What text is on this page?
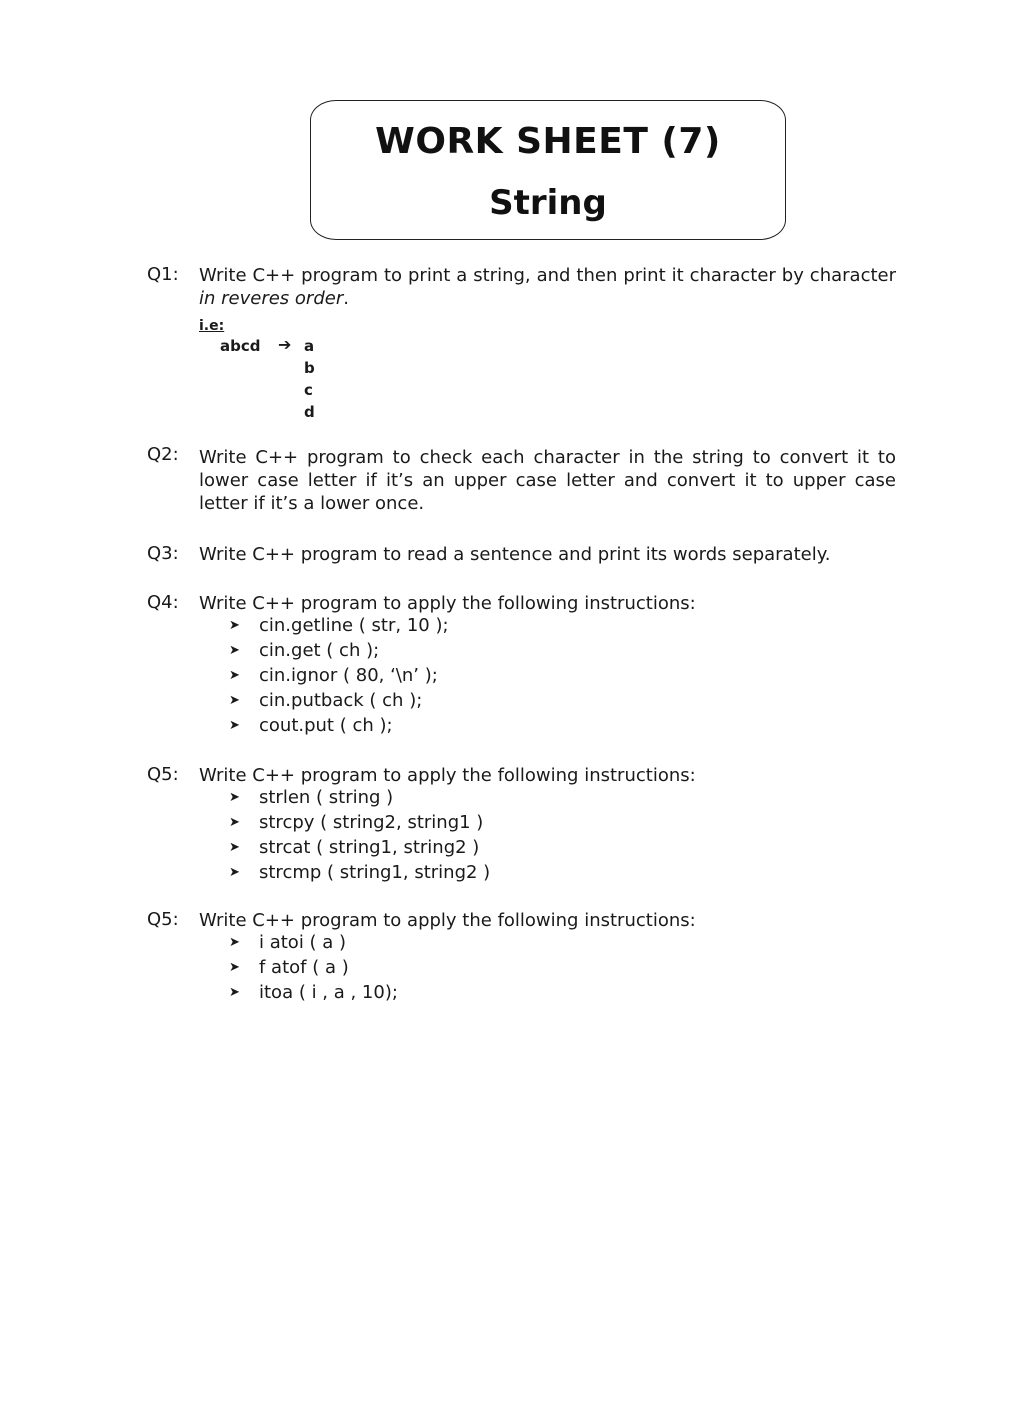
WORK SHEET (7)
String
Q1: Write C++ program to print a string, and then print it character by character in reveres order.
i.e:
abcd ➔ a
b
c
d
Q2: Write C++ program to check each character in the string to convert it to lower case letter if it’s an upper case letter and convert it to upper case letter if it’s a lower once.
Q3: Write C++ program to read a sentence and print its words separately.
Q4: Write C++ program to apply the following instructions:
➤ cin.getline ( str, 10 );
➤ cin.get ( ch );
➤ cin.ignor ( 80, ‘\n’ );
➤ cin.putback ( ch );
➤ cout.put ( ch );
Q5: Write C++ program to apply the following instructions:
➤ strlen ( string )
➤ strcpy ( string2, string1 )
➤ strcat ( string1, string2 )
➤ strcmp ( string1, string2 )
Q5: Write C++ program to apply the following instructions:
➤ i atoi ( a )
➤ f atof ( a )
➤ itoa ( i , a , 10);
